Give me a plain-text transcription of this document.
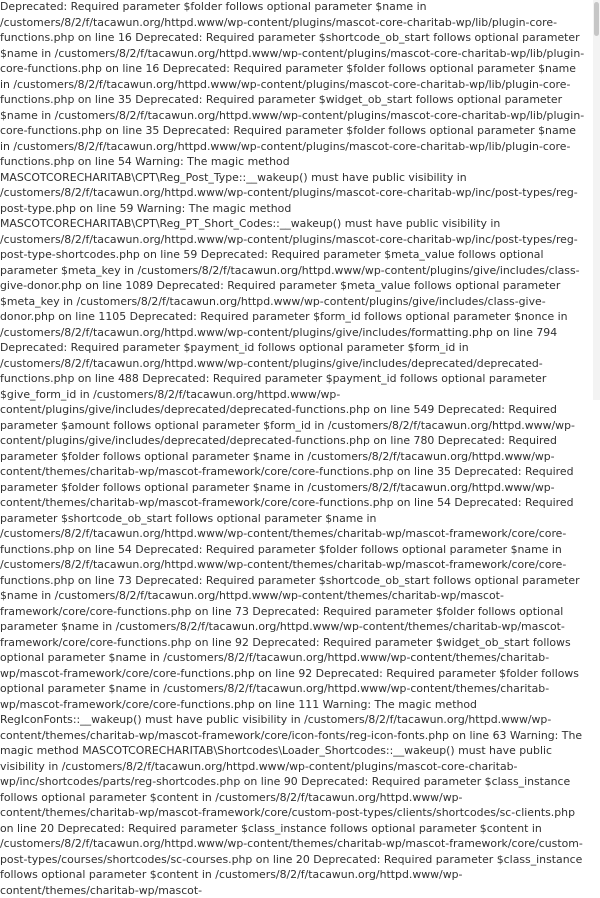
Deprecated: Required parameter $folder follows optional parameter $name in /customers/8/2/f/tacawun.org/httpd.www/wp-content/plugins/mascot-core-charitab-wp/lib/plugin-core-functions.php on line 16 Deprecated: Required parameter $shortcode_ob_start follows optional parameter $name in /customers/8/2/f/tacawun.org/httpd.www/wp-content/plugins/mascot-core-charitab-wp/lib/plugin-core-functions.php on line 16 Deprecated: Required parameter $folder follows optional parameter $name in /customers/8/2/f/tacawun.org/httpd.www/wp-content/plugins/mascot-core-charitab-wp/lib/plugin-core-functions.php on line 35 Deprecated: Required parameter $widget_ob_start follows optional parameter $name in /customers/8/2/f/tacawun.org/httpd.www/wp-content/plugins/mascot-core-charitab-wp/lib/plugin-core-functions.php on line 35 Deprecated: Required parameter $folder follows optional parameter $name in /customers/8/2/f/tacawun.org/httpd.www/wp-content/plugins/mascot-core-charitab-wp/lib/plugin-core-functions.php on line 54 Warning: The magic method MASCOTCORECHARITAB\CPT\Reg_Post_Type::__wakeup() must have public visibility in /customers/8/2/f/tacawun.org/httpd.www/wp-content/plugins/mascot-core-charitab-wp/inc/post-types/reg-post-type.php on line 59 Warning: The magic method MASCOTCORECHARITAB\CPT\Reg_PT_Short_Codes::__wakeup() must have public visibility in /customers/8/2/f/tacawun.org/httpd.www/wp-content/plugins/mascot-core-charitab-wp/inc/post-types/reg-post-type-shortcodes.php on line 59 Deprecated: Required parameter $meta_value follows optional parameter $meta_key in /customers/8/2/f/tacawun.org/httpd.www/wp-content/plugins/give/includes/class-give-donor.php on line 1089 Deprecated: Required parameter $meta_value follows optional parameter $meta_key in /customers/8/2/f/tacawun.org/httpd.www/wp-content/plugins/give/includes/class-give-donor.php on line 1105 Deprecated: Required parameter $form_id follows optional parameter $nonce in /customers/8/2/f/tacawun.org/httpd.www/wp-content/plugins/give/includes/formatting.php on line 794 Deprecated: Required parameter $payment_id follows optional parameter $form_id in /customers/8/2/f/tacawun.org/httpd.www/wp-content/plugins/give/includes/deprecated/deprecated-functions.php on line 488 Deprecated: Required parameter $payment_id follows optional parameter $give_form_id in /customers/8/2/f/tacawun.org/httpd.www/wp-content/plugins/give/includes/deprecated/deprecated-functions.php on line 549 Deprecated: Required parameter $amount follows optional parameter $form_id in /customers/8/2/f/tacawun.org/httpd.www/wp-content/plugins/give/includes/deprecated/deprecated-functions.php on line 780 Deprecated: Required parameter $folder follows optional parameter $name in /customers/8/2/f/tacawun.org/httpd.www/wp-content/themes/charitab-wp/mascot-framework/core/core-functions.php on line 35 Deprecated: Required parameter $folder follows optional parameter $name in /customers/8/2/f/tacawun.org/httpd.www/wp-content/themes/charitab-wp/mascot-framework/core/core-functions.php on line 54 Deprecated: Required parameter $shortcode_ob_start follows optional parameter $name in /customers/8/2/f/tacawun.org/httpd.www/wp-content/themes/charitab-wp/mascot-framework/core/core-functions.php on line 54 Deprecated: Required parameter $folder follows optional parameter $name in /customers/8/2/f/tacawun.org/httpd.www/wp-content/themes/charitab-wp/mascot-framework/core/core-functions.php on line 73 Deprecated: Required parameter $shortcode_ob_start follows optional parameter $name in /customers/8/2/f/tacawun.org/httpd.www/wp-content/themes/charitab-wp/mascot-framework/core/core-functions.php on line 73 Deprecated: Required parameter $folder follows optional parameter $name in /customers/8/2/f/tacawun.org/httpd.www/wp-content/themes/charitab-wp/mascot-framework/core/core-functions.php on line 92 Deprecated: Required parameter $widget_ob_start follows optional parameter $name in /customers/8/2/f/tacawun.org/httpd.www/wp-content/themes/charitab-wp/mascot-framework/core/core-functions.php on line 92 Deprecated: Required parameter $folder follows optional parameter $name in /customers/8/2/f/tacawun.org/httpd.www/wp-content/themes/charitab-wp/mascot-framework/core/core-functions.php on line 111 Warning: The magic method RegIconFonts::__wakeup() must have public visibility in /customers/8/2/f/tacawun.org/httpd.www/wp-content/themes/charitab-wp/mascot-framework/core/icon-fonts/reg-icon-fonts.php on line 63 Warning: The magic method MASCOTCORECHARITAB\Shortcodes\Loader_Shortcodes::__wakeup() must have public visibility in /customers/8/2/f/tacawun.org/httpd.www/wp-content/plugins/mascot-core-charitab-wp/inc/shortcodes/parts/reg-shortcodes.php on line 90 Deprecated: Required parameter $class_instance follows optional parameter $content in /customers/8/2/f/tacawun.org/httpd.www/wp-content/themes/charitab-wp/mascot-framework/core/custom-post-types/clients/shortcodes/sc-clients.php on line 20 Deprecated: Required parameter $class_instance follows optional parameter $content in /customers/8/2/f/tacawun.org/httpd.www/wp-content/themes/charitab-wp/mascot-framework/core/custom-post-types/courses/shortcodes/sc-courses.php on line 20 Deprecated: Required parameter $class_instance follows optional parameter $content in /customers/8/2/f/tacawun.org/httpd.www/wp-content/themes/charitab-wp/mascot-
